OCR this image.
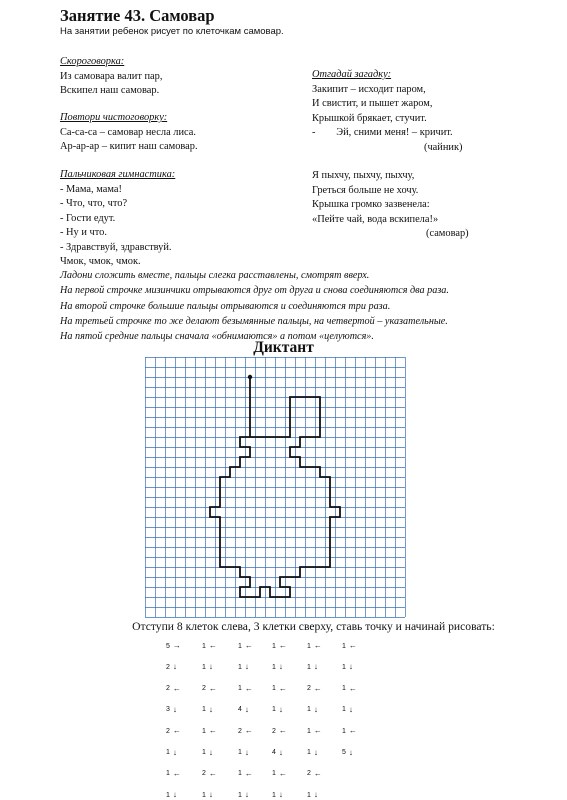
Занятие 43. Самовар
На занятии ребенок рисует по клеточкам самовар.
Скороговорка:
Из самовара валит пар,
Вскипел наш самовар.
Повтори чистоговорку:
Са-са-са – самовар несла лиса.
Ар-ар-ар – кипит наш самовар.
Пальчиковая гимнастика:
- Мама, мама!
- Что, что, что?
- Гости едут.
- Ну и что.
- Здравствуй, здравствуй.
Чмок, чмок, чмок.
Отгадай загадку:
Закипит – исходит паром,
И свистит, и пышет жаром,
Крышкой брякает, стучит.
-        Эй, сними меня! – кричит.
(чайник)
Я пыхчу, пыхчу, пыхчу,
Греться больше не хочу.
Крышка громко зазвенела:
«Пейте чай, вода вскипела!»
(самовар)
Ладони сложить вместе, пальцы слегка расставлены, смотрят вверх.
На первой строчке мизинчики отрываются друг от друга и снова соединяются два раза.
На второй строчке большие пальцы отрываются и соединяются три раза.
На третьей строчке то же делают безымянные пальцы, на четвертой – указательные.
На пятой средние пальцы сначала «обнимаются» а потом «целуются».
Диктант
Отступи 8 клеток слева, 3 клетки сверху, ставь точку и начинай рисовать:
5 →	1 ←	1 ←	1 ←	1 ←	1 ←
2 ↓	1 ↓	1 ↓	1 ↓	1 ↓	1 ↓
2 ←	2 ←	1 ←	1 ←	2 ←	1 ←
3 ↓	1 ↓	4 ↓	1 ↓	1 ↓	1 ↓
2 ←	1 ←	2 ←	2 ←	1 ←	1 ←
1 ↓	1 ↓	1 ↓	4 ↓	1 ↓	5 ↓
1 ←	2 ←	1 ←	1 ←	2 ←
1 ↓	1 ↓	1 ↓	1 ↓	1 ↓
